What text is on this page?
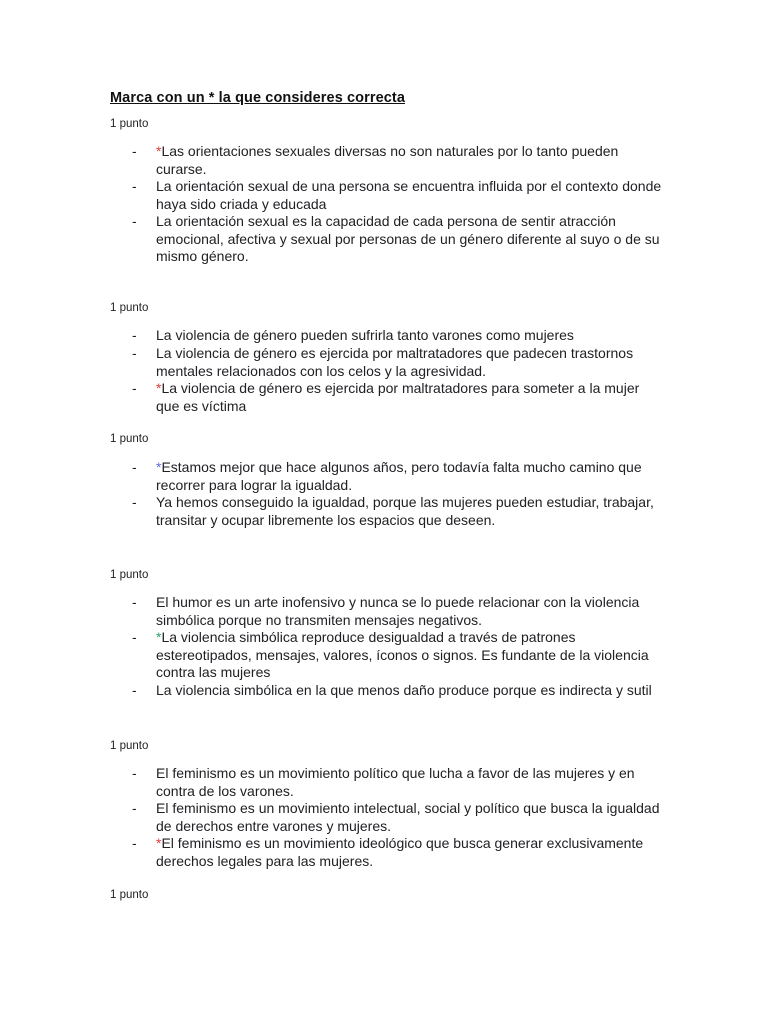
Marca con un * la que consideres correcta
1 punto
- *Las orientaciones sexuales diversas no son naturales por lo tanto pueden curarse.
- La orientación sexual de una persona se encuentra influida por el contexto donde haya sido criada y educada
- La orientación sexual es la capacidad de cada persona de sentir atracción emocional, afectiva y sexual por personas de un género diferente al suyo o de su mismo género.
1 punto
- La violencia de género pueden sufrirla tanto varones como mujeres
- La violencia de género es ejercida por maltratadores que padecen trastornos mentales relacionados con los celos y la agresividad.
- *La violencia de género es ejercida por maltratadores para someter a la mujer que es víctima
1 punto
- *Estamos mejor que hace algunos años, pero todavía falta mucho camino que recorrer para lograr la igualdad.
- Ya hemos conseguido la igualdad, porque las mujeres pueden estudiar, trabajar, transitar y ocupar libremente los espacios que deseen.
1 punto
- El humor es un arte inofensivo y nunca se lo puede relacionar con la violencia simbólica porque no transmiten mensajes negativos.
- *La violencia simbólica reproduce desigualdad a través de patrones estereotipados, mensajes, valores, íconos o signos. Es fundante de la violencia contra las mujeres
- La violencia simbólica en la que menos daño produce porque es indirecta y sutil
1 punto
- El feminismo es un movimiento político que lucha a favor de las mujeres y en contra de los varones.
- El feminismo es un movimiento intelectual, social y político que busca la igualdad de derechos entre varones y mujeres.
- *El feminismo es un movimiento ideológico que busca generar exclusivamente derechos legales para las mujeres.
1 punto
